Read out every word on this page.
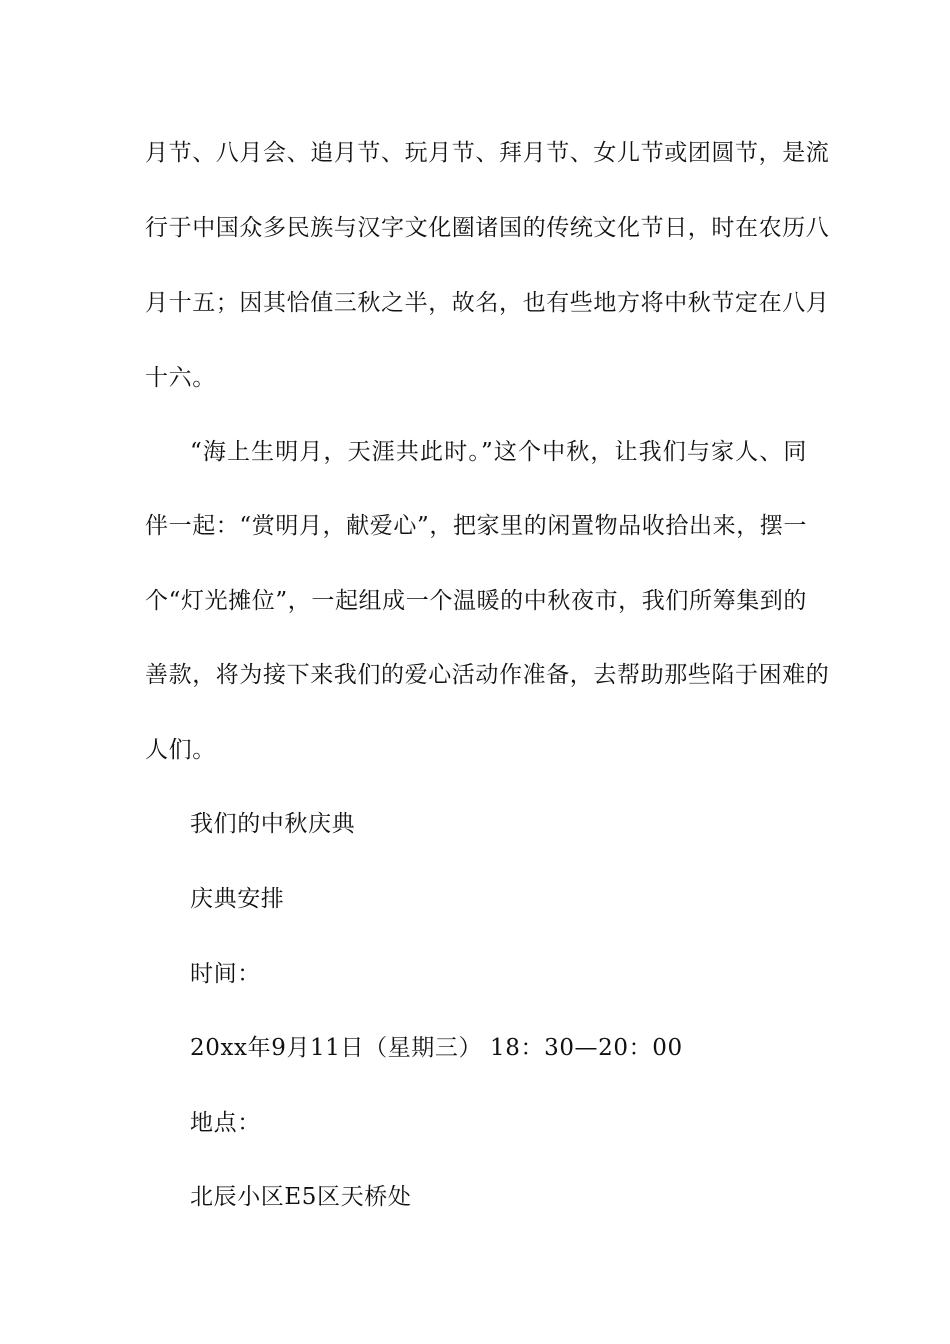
月节、八月会、追月节、玩月节、拜月节、女儿节或团圆节，是流
行于中国众多民族与汉字文化圈诸国的传统文化节日，时在农历八
月十五；因其恰值三秋之半，故名，也有些地方将中秋节定在八月
十六。
“海上生明月，天涯共此时。”这个中秋，让我们与家人、同
伴一起：“赏明月，献爱心”，把家里的闲置物品收拾出来，摆一
个“灯光摊位”，一起组成一个温暖的中秋夜市，我们所筹集到的
善款，将为接下来我们的爱心活动作准备，去帮助那些陷于困难的
人们。
我们的中秋庆典
庆典安排
时间：
20xx年9月11日（星期三） 18：30—20：00
地点：
北辰小区E5区天桥处
